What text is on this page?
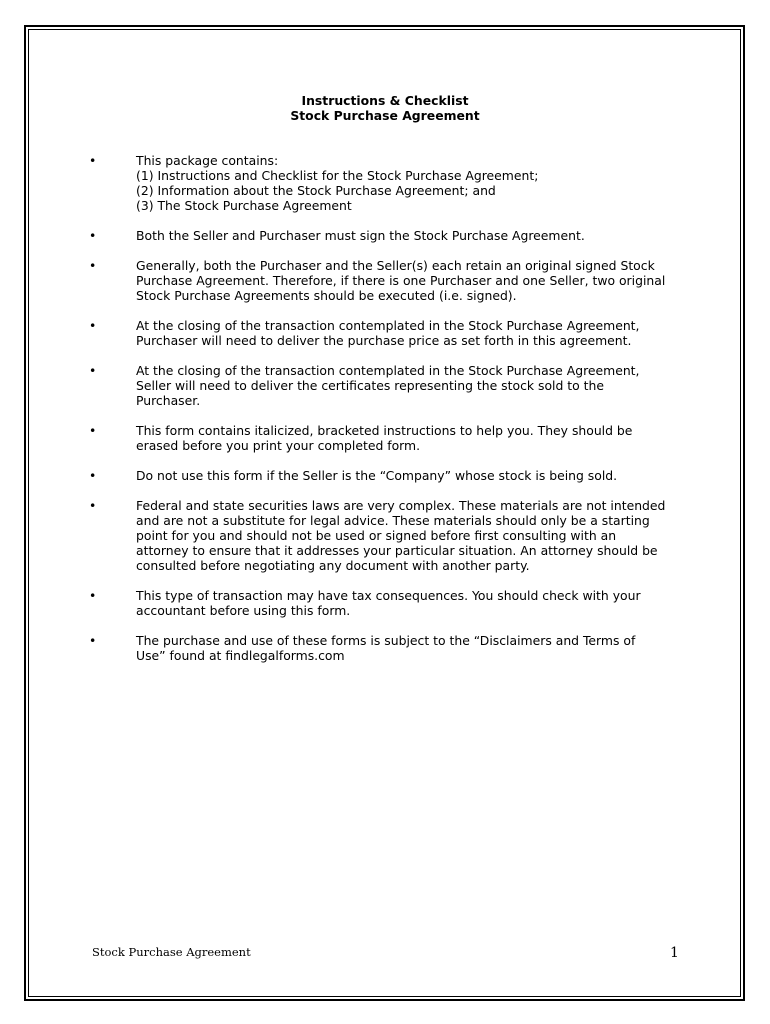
Instructions & Checklist
Stock Purchase Agreement
•	This package contains:
(1) Instructions and Checklist for the Stock Purchase Agreement;
(2) Information about the Stock Purchase Agreement; and
(3) The Stock Purchase Agreement
•	Both the Seller and Purchaser must sign the Stock Purchase Agreement.
•	Generally, both the Purchaser and the Seller(s) each retain an original signed Stock
Purchase Agreement. Therefore, if there is one Purchaser and one Seller, two original
Stock Purchase Agreements should be executed (i.e. signed).
•	At the closing of the transaction contemplated in the Stock Purchase Agreement,
Purchaser will need to deliver the purchase price as set forth in this agreement.
•	At the closing of the transaction contemplated in the Stock Purchase Agreement,
Seller will need to deliver the certificates representing the stock sold to the
Purchaser.
•	This form contains italicized, bracketed instructions to help you. They should be
erased before you print your completed form.
•	Do not use this form if the Seller is the “Company” whose stock is being sold.
•	Federal and state securities laws are very complex. These materials are not intended
and are not a substitute for legal advice. These materials should only be a starting
point for you and should not be used or signed before first consulting with an
attorney to ensure that it addresses your particular situation. An attorney should be
consulted before negotiating any document with another party.
•	This type of transaction may have tax consequences. You should check with your
accountant before using this form.
•	The purchase and use of these forms is subject to the “Disclaimers and Terms of
Use” found at findlegalforms.com
Stock Purchase Agreement	1
